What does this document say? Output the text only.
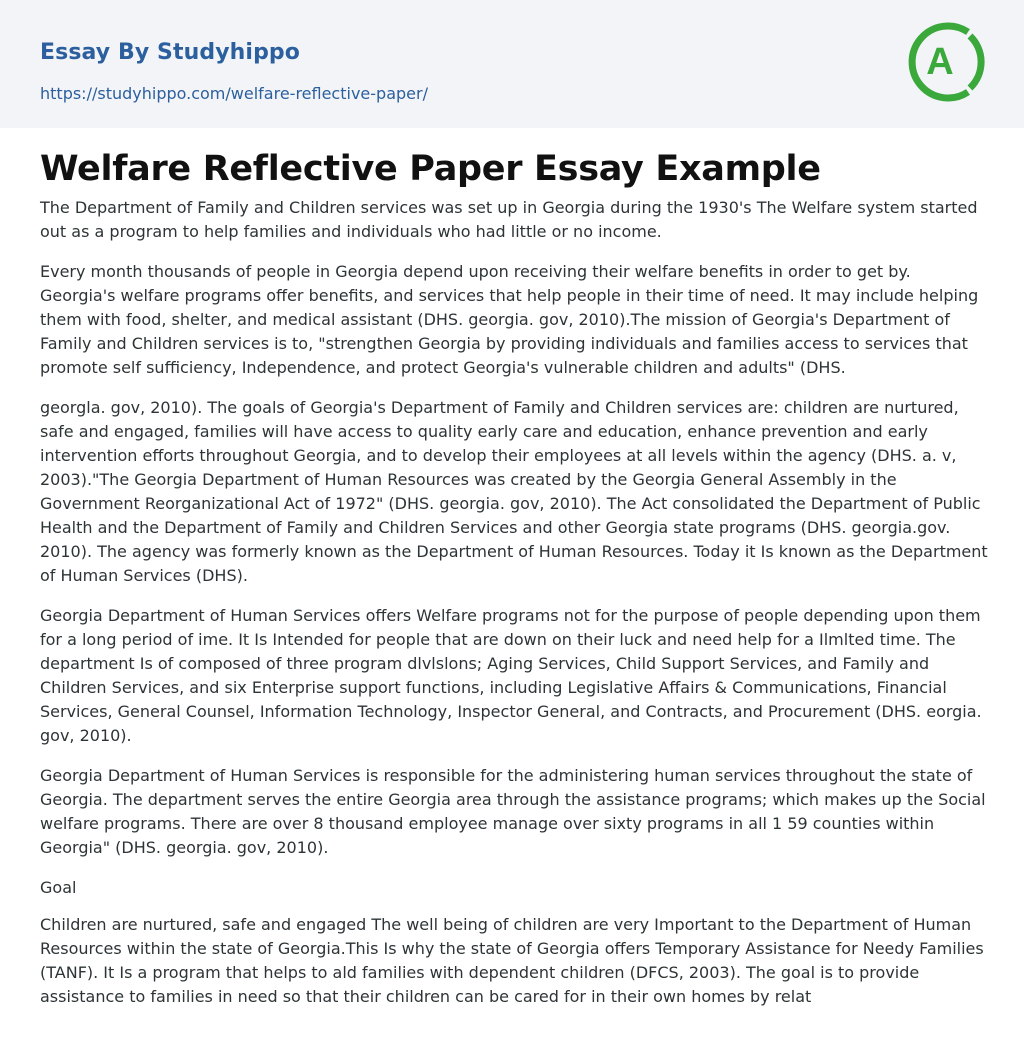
Essay By Studyhippo
https://studyhippo.com/welfare-reflective-paper/
A
Welfare Reflective Paper Essay Example

The Department of Family and Children services was set up in Georgia during the 1930's The Welfare system started out as a program to help families and individuals who had little or no income.

Every month thousands of people in Georgia depend upon receiving their welfare benefits in order to get by. Georgia's welfare programs offer benefits, and services that help people in their time of need. It may include helping them with food, shelter, and medical assistant (DHS. georgia. gov, 2010).The mission of Georgia's Department of Family and Children services is to, "strengthen Georgia by providing individuals and families access to services that promote self sufficiency, Independence, and protect Georgia's vulnerable children and adults" (DHS.

georgla. gov, 2010). The goals of Georgia's Department of Family and Children services are: children are nurtured, safe and engaged, families will have access to quality early care and education, enhance prevention and early intervention efforts throughout Georgia, and to develop their employees at all levels within the agency (DHS. a. v, 2003)."The Georgia Department of Human Resources was created by the Georgia General Assembly in the Government Reorganizational Act of 1972" (DHS. georgia. gov, 2010). The Act consolidated the Department of Public Health and the Department of Family and Children Services and other Georgia state programs (DHS. georgia.gov. 2010). The agency was formerly known as the Department of Human Resources. Today it Is known as the Department of Human Services (DHS).

Georgia Department of Human Services offers Welfare programs not for the purpose of people depending upon them for a long period of ime. It Is Intended for people that are down on their luck and need help for a Ilmlted time. The department Is of composed of three program dlvlslons; Aging Services, Child Support Services, and Family and Children Services, and six Enterprise support functions, including Legislative Affairs & Communications, Financial Services, General Counsel, Information Technology, Inspector General, and Contracts, and Procurement (DHS. eorgia. gov, 2010).

Georgia Department of Human Services is responsible for the administering human services throughout the state of Georgia. The department serves the entire Georgia area through the assistance programs; which makes up the Social welfare programs. There are over 8 thousand employee manage over sixty programs in all 1 59 counties within Georgia" (DHS. georgia. gov, 2010).

Goal

Children are nurtured, safe and engaged The well being of children are very Important to the Department of Human Resources within the state of Georgia.This Is why the state of Georgia offers Temporary Assistance for Needy Families (TANF). It Is a program that helps to ald families with dependent children (DFCS, 2003). The goal is to provide assistance to families in need so that their children can be cared for in their own homes by relat
